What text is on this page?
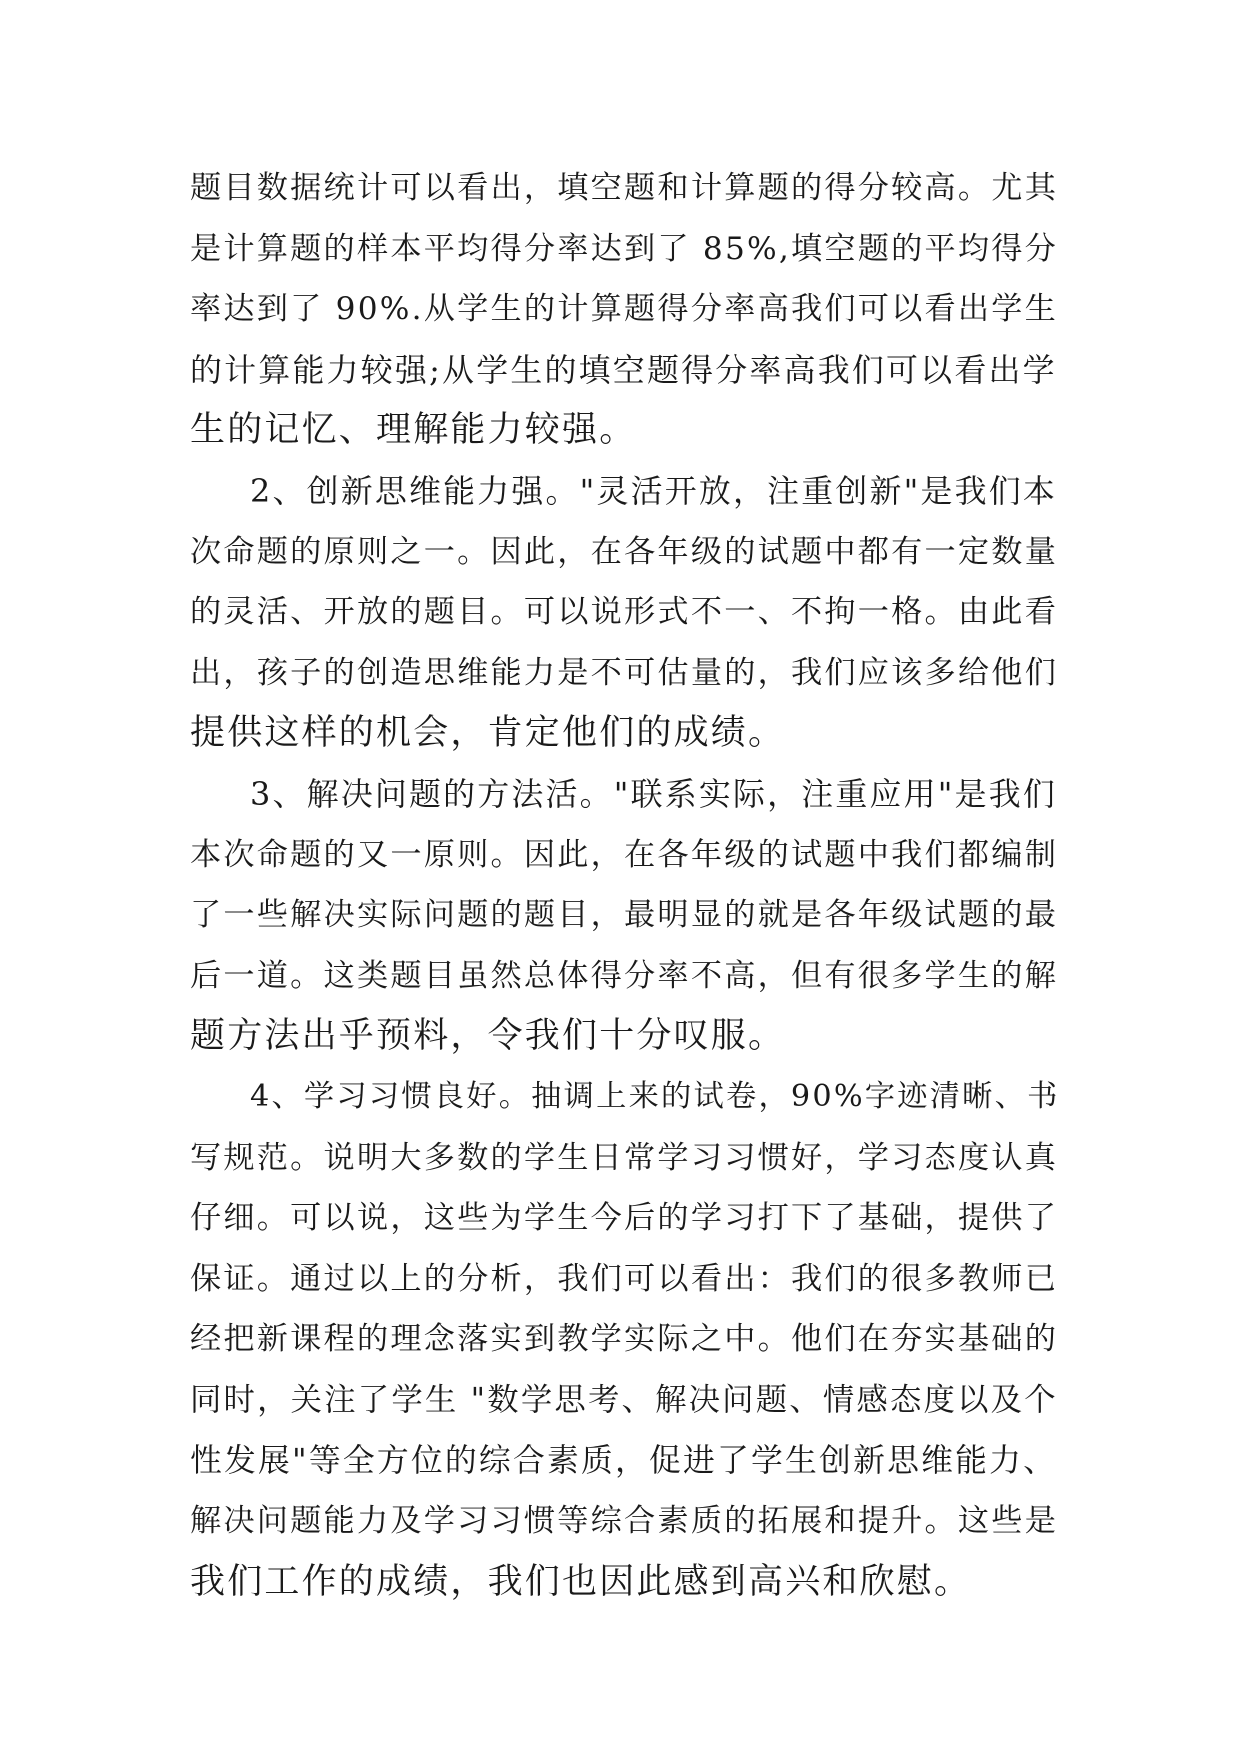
题目数据统计可以看出，填空题和计算题的得分较高。尤其
是计算题的样本平均得分率达到了 85%,填空题的平均得分
率达到了 90%.从学生的计算题得分率高我们可以看出学生
的计算能力较强;从学生的填空题得分率高我们可以看出学
生的记忆、理解能力较强。
2、创新思维能力强。"灵活开放，注重创新"是我们本
次命题的原则之一。因此，在各年级的试题中都有一定数量
的灵活、开放的题目。可以说形式不一、不拘一格。由此看
出，孩子的创造思维能力是不可估量的，我们应该多给他们
提供这样的机会，肯定他们的成绩。
3、解决问题的方法活。"联系实际，注重应用"是我们
本次命题的又一原则。因此，在各年级的试题中我们都编制
了一些解决实际问题的题目，最明显的就是各年级试题的最
后一道。这类题目虽然总体得分率不高，但有很多学生的解
题方法出乎预料，令我们十分叹服。
4、学习习惯良好。抽调上来的试卷，90%字迹清晰、书
写规范。说明大多数的学生日常学习习惯好，学习态度认真
仔细。可以说，这些为学生今后的学习打下了基础，提供了
保证。通过以上的分析，我们可以看出：我们的很多教师已
经把新课程的理念落实到教学实际之中。他们在夯实基础的
同时，关注了学生 "数学思考、解决问题、情感态度以及个
性发展"等全方位的综合素质，促进了学生创新思维能力、
解决问题能力及学习习惯等综合素质的拓展和提升。这些是
我们工作的成绩，我们也因此感到高兴和欣慰。
